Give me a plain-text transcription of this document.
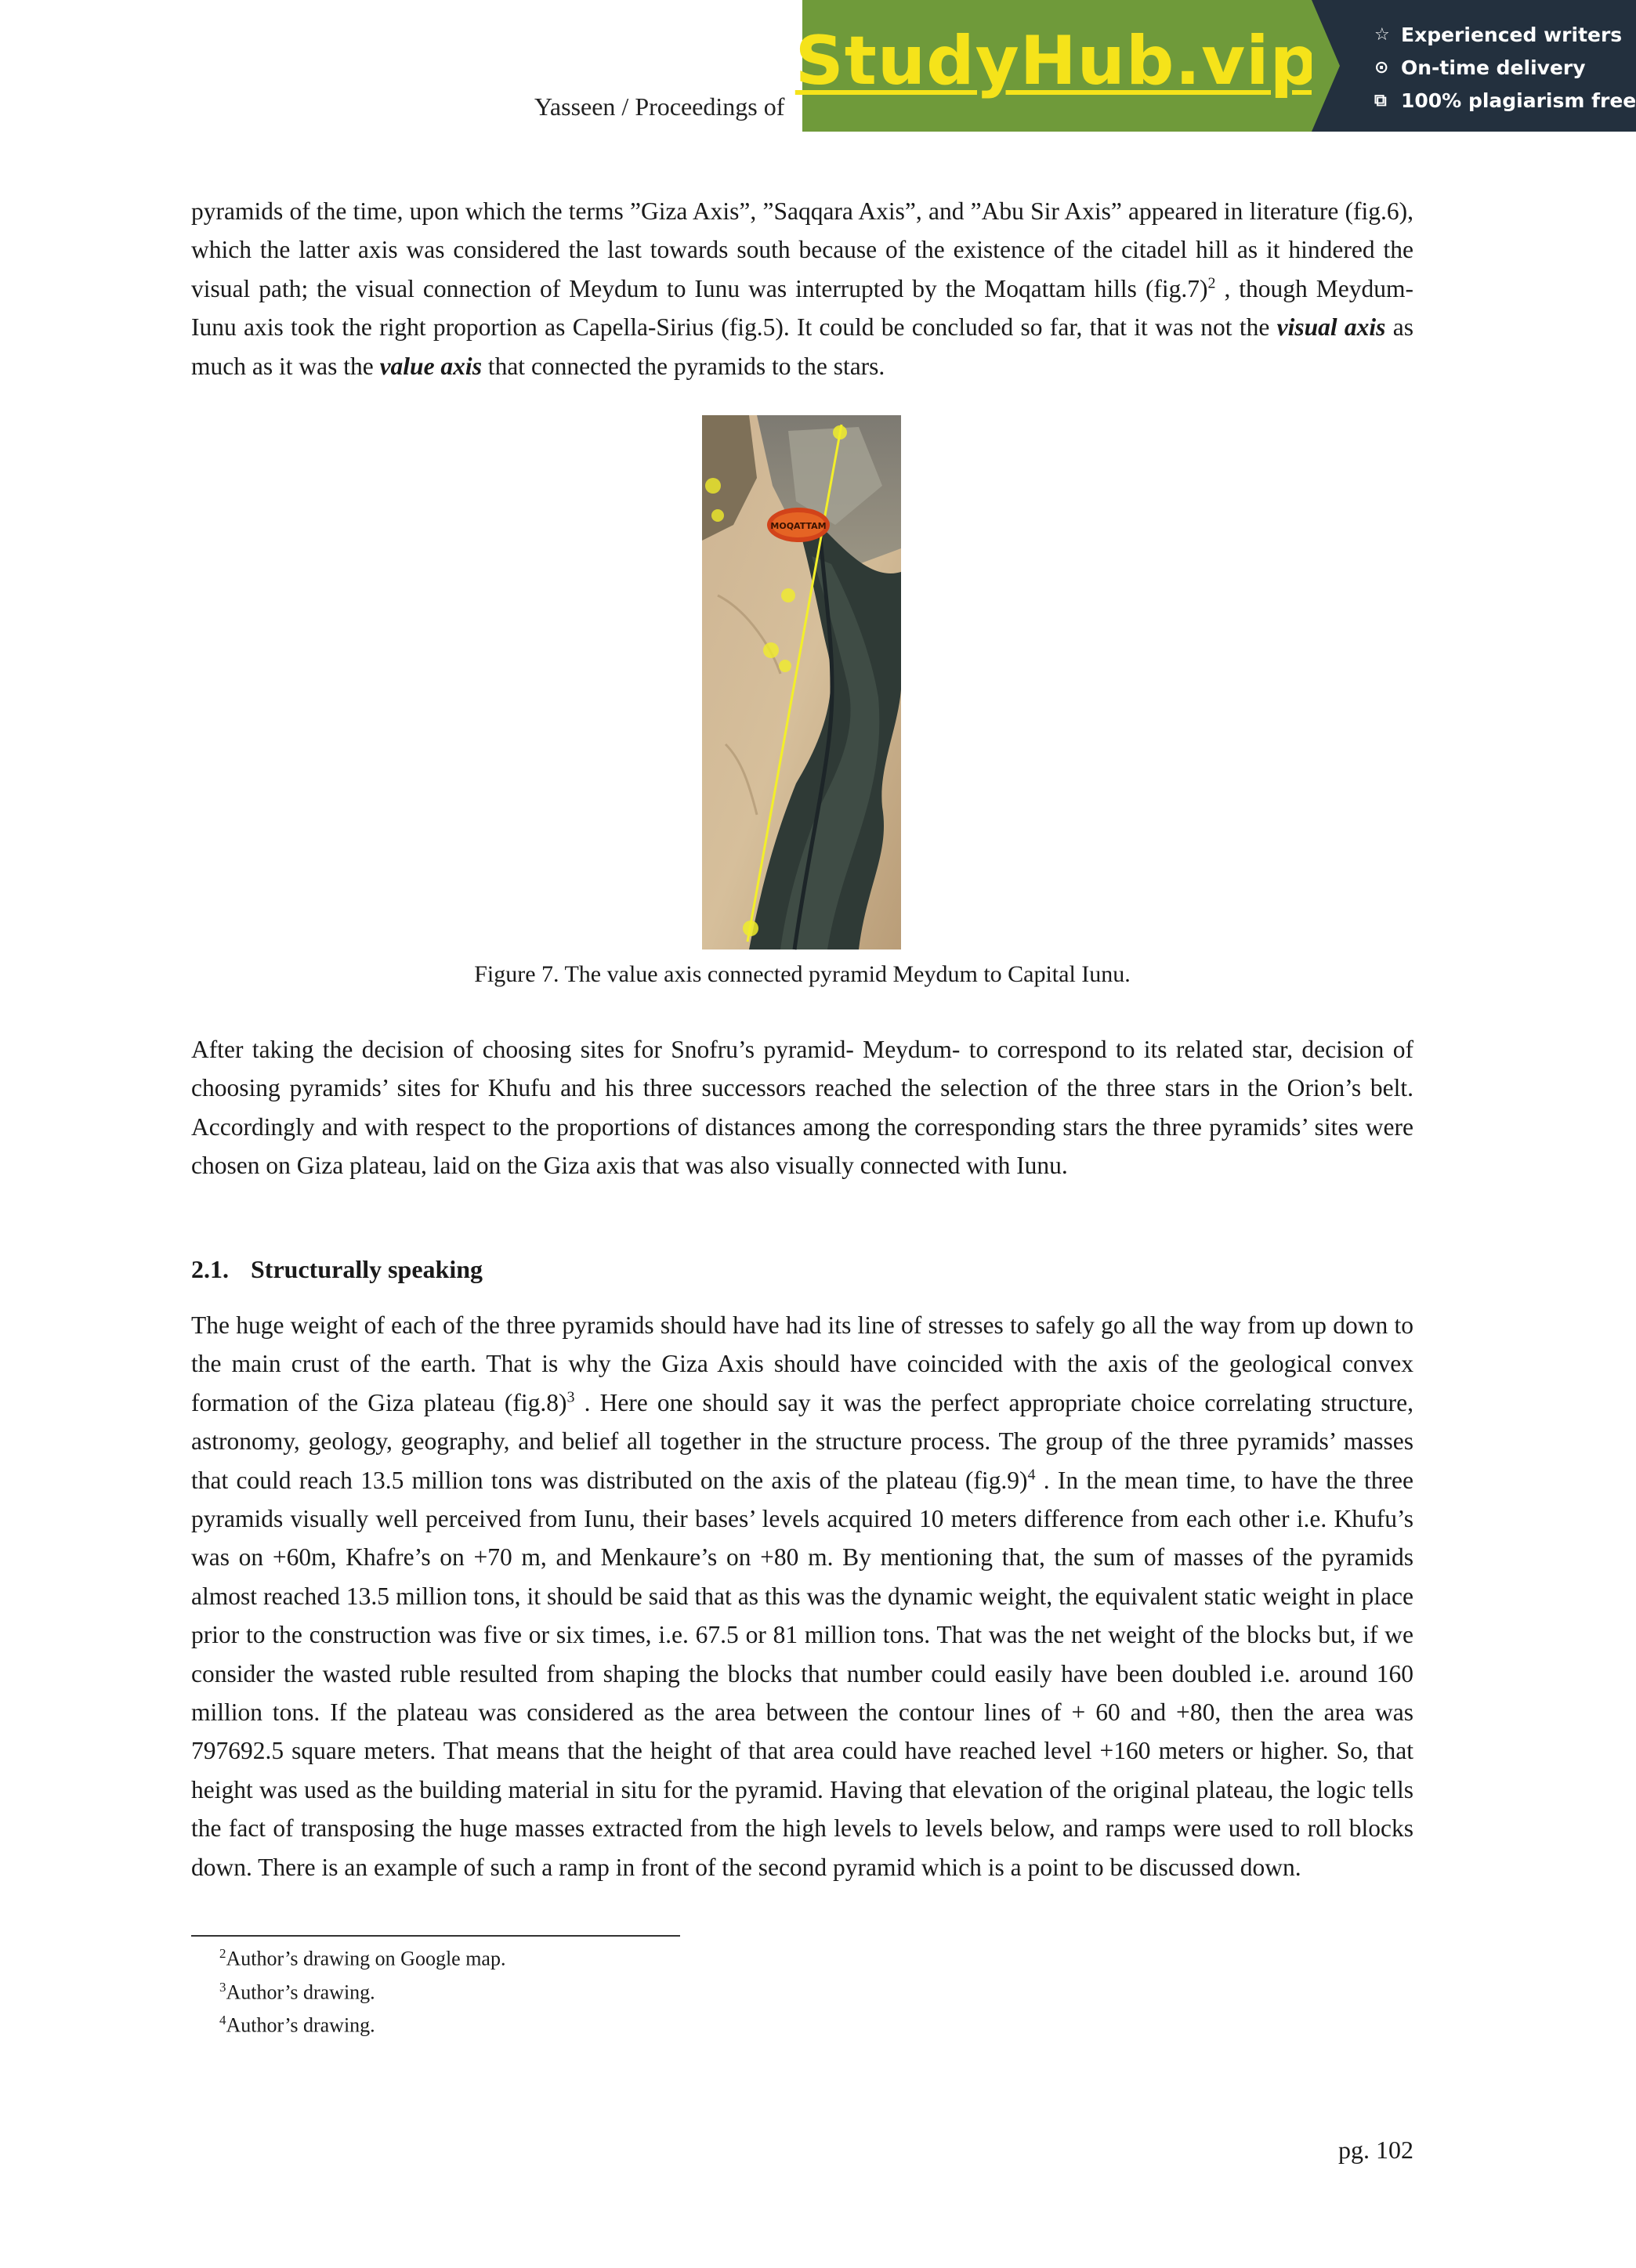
Yasseen / Proceedings of
StudyHub.vip	☆ Experienced writers
⊙ On-time delivery
⧉ 100% plagiarism free

pyramids of the time, upon which the terms ”Giza Axis”, ”Saqqara Axis”, and ”Abu Sir Axis” appeared in literature (fig.6), which the latter axis was considered the last towards south because of the existence of the citadel hill as it hindered the visual path; the visual connection of Meydum to Iunu was interrupted by the Moqattam hills $(fig.7)^2$ , though Meydum-Iunu axis took the right proportion as Capella-Sirius (fig.5). It could be concluded so far, that it was not the visual axis as much as it was the value axis that connected the pyramids to the stars.

MOQATTAM
Figure 7. The value axis connected pyramid Meydum to Capital Iunu.

After taking the decision of choosing sites for Snofru’s pyramid- Meydum- to correspond to its related star, decision of choosing pyramids’ sites for Khufu and his three successors reached the selection of the three stars in the Orion’s belt. Accordingly and with respect to the proportions of distances among the corresponding stars the three pyramids’ sites were chosen on Giza plateau, laid on the Giza axis that was also visually connected with Iunu.

2.1. Structurally speaking

The huge weight of each of the three pyramids should have had its line of stresses to safely go all the way from up down to the main crust of the earth. That is why the Giza Axis should have coincided with the axis of the geological convex formation of the Giza plateau $(fig.8)^3$ . Here one should say it was the perfect appropriate choice correlating structure, astronomy, geology, geography, and belief all together in the structure process. The group of the three pyramids’ masses that could reach 13.5 million tons was distributed on the axis of the plateau $(fig.9)^4$ . In the mean time, to have the three pyramids visually well perceived from Iunu, their bases’ levels acquired 10 meters difference from each other i.e. Khufu’s was on +60m, Khafre’s on +70 m, and Menkaure’s on +80 m. By mentioning that, the sum of masses of the pyramids almost reached 13.5 million tons, it should be said that as this was the dynamic weight, the equivalent static weight in place prior to the construction was five or six times, i.e. 67.5 or 81 million tons. That was the net weight of the blocks but, if we consider the wasted ruble resulted from shaping the blocks that number could easily have been doubled i.e. around 160 million tons. If the plateau was considered as the area between the contour lines of + 60 and +80, then the area was 797692.5 square meters. That means that the height of that area could have reached level +160 meters or higher. So, that height was used as the building material in situ for the pyramid. Having that elevation of the original plateau, the logic tells the fact of transposing the huge masses extracted from the high levels to levels below, and ramps were used to roll blocks down. There is an example of such a ramp in front of the second pyramid which is a point to be discussed down.

$^2$Author’s drawing on Google map.
$^3$Author’s drawing.
$^4$Author’s drawing.
pg. 102
